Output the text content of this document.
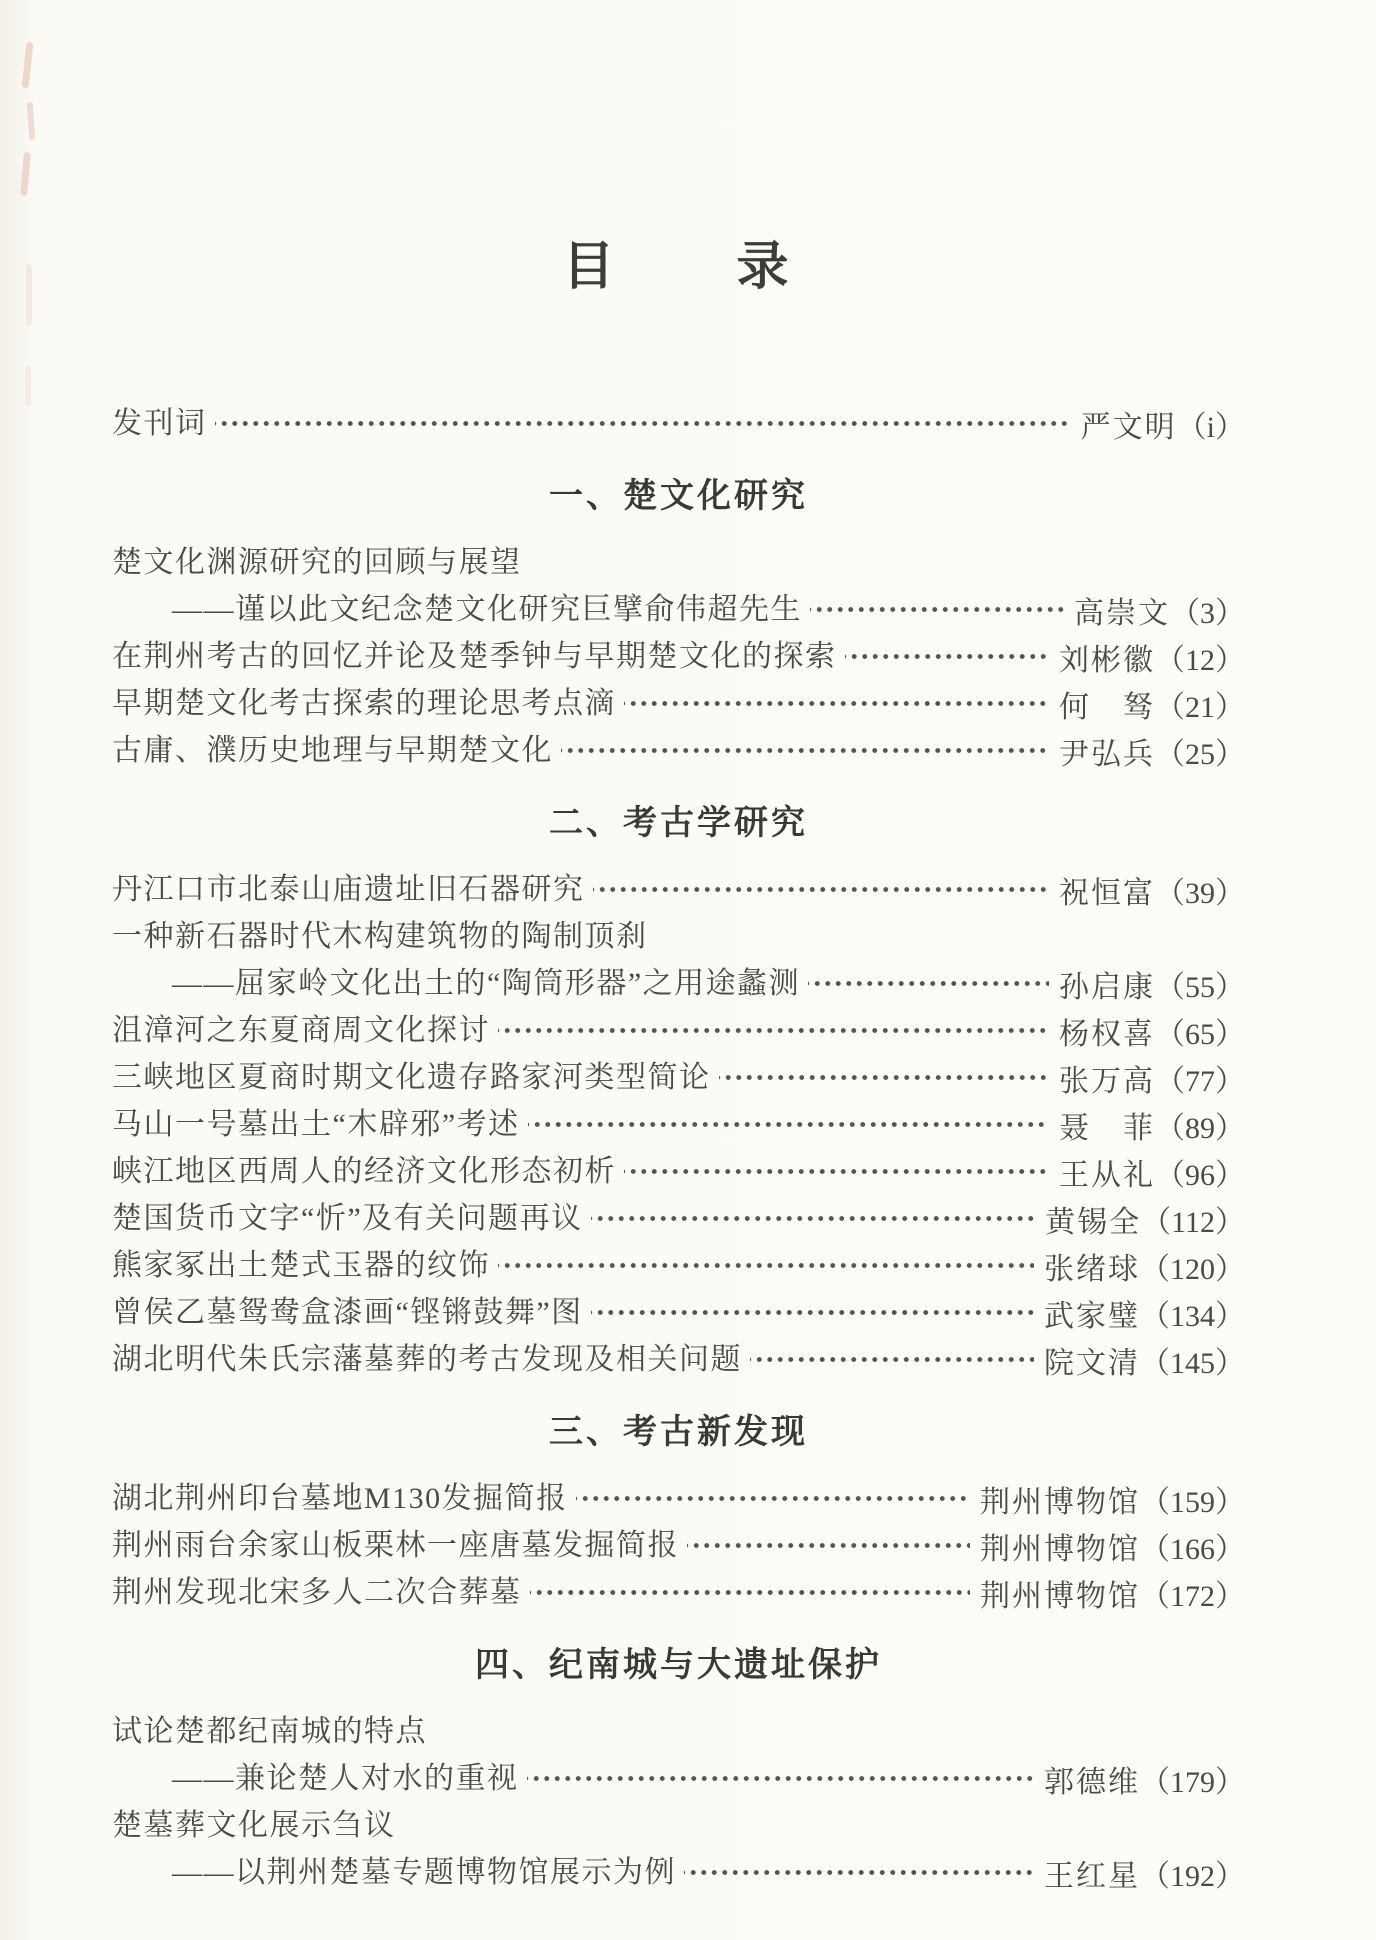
目　　录
发刊词	严文明 （i）
一、楚文化研究
楚文化渊源研究的回顾与展望
——谨以此文纪念楚文化研究巨擘俞伟超先生	高崇文 （3）
在荆州考古的回忆并论及楚季钟与早期楚文化的探索	刘彬徽 （12）
早期楚文化考古探索的理论思考点滴	何　驽 （21）
古庸、濮历史地理与早期楚文化	尹弘兵 （25）
二、考古学研究
丹江口市北泰山庙遗址旧石器研究	祝恒富 （39）
一种新石器时代木构建筑物的陶制顶刹
——屈家岭文化出土的“陶筒形器”之用途蠡测	孙启康 （55）
沮漳河之东夏商周文化探讨	杨权喜 （65）
三峡地区夏商时期文化遗存路家河类型简论	张万高 （77）
马山一号墓出土“木辟邪”考述	聂　菲 （89）
峡江地区西周人的经济文化形态初析	王从礼 （96）
楚国货币文字“忻”及有关问题再议	黄锡全 （112）
熊家冢出土楚式玉器的纹饰	张绪球 （120）
曾侯乙墓鸳鸯盒漆画“铿锵鼓舞”图	武家璧 （134）
湖北明代朱氏宗藩墓葬的考古发现及相关问题	院文清 （145）
三、考古新发现
湖北荆州印台墓地M130发掘简报	荆州博物馆 （159）
荆州雨台余家山板栗林一座唐墓发掘简报	荆州博物馆 （166）
荆州发现北宋多人二次合葬墓	荆州博物馆 （172）
四、纪南城与大遗址保护
试论楚都纪南城的特点
——兼论楚人对水的重视	郭德维 （179）
楚墓葬文化展示刍议
——以荆州楚墓专题博物馆展示为例	王红星 （192）
